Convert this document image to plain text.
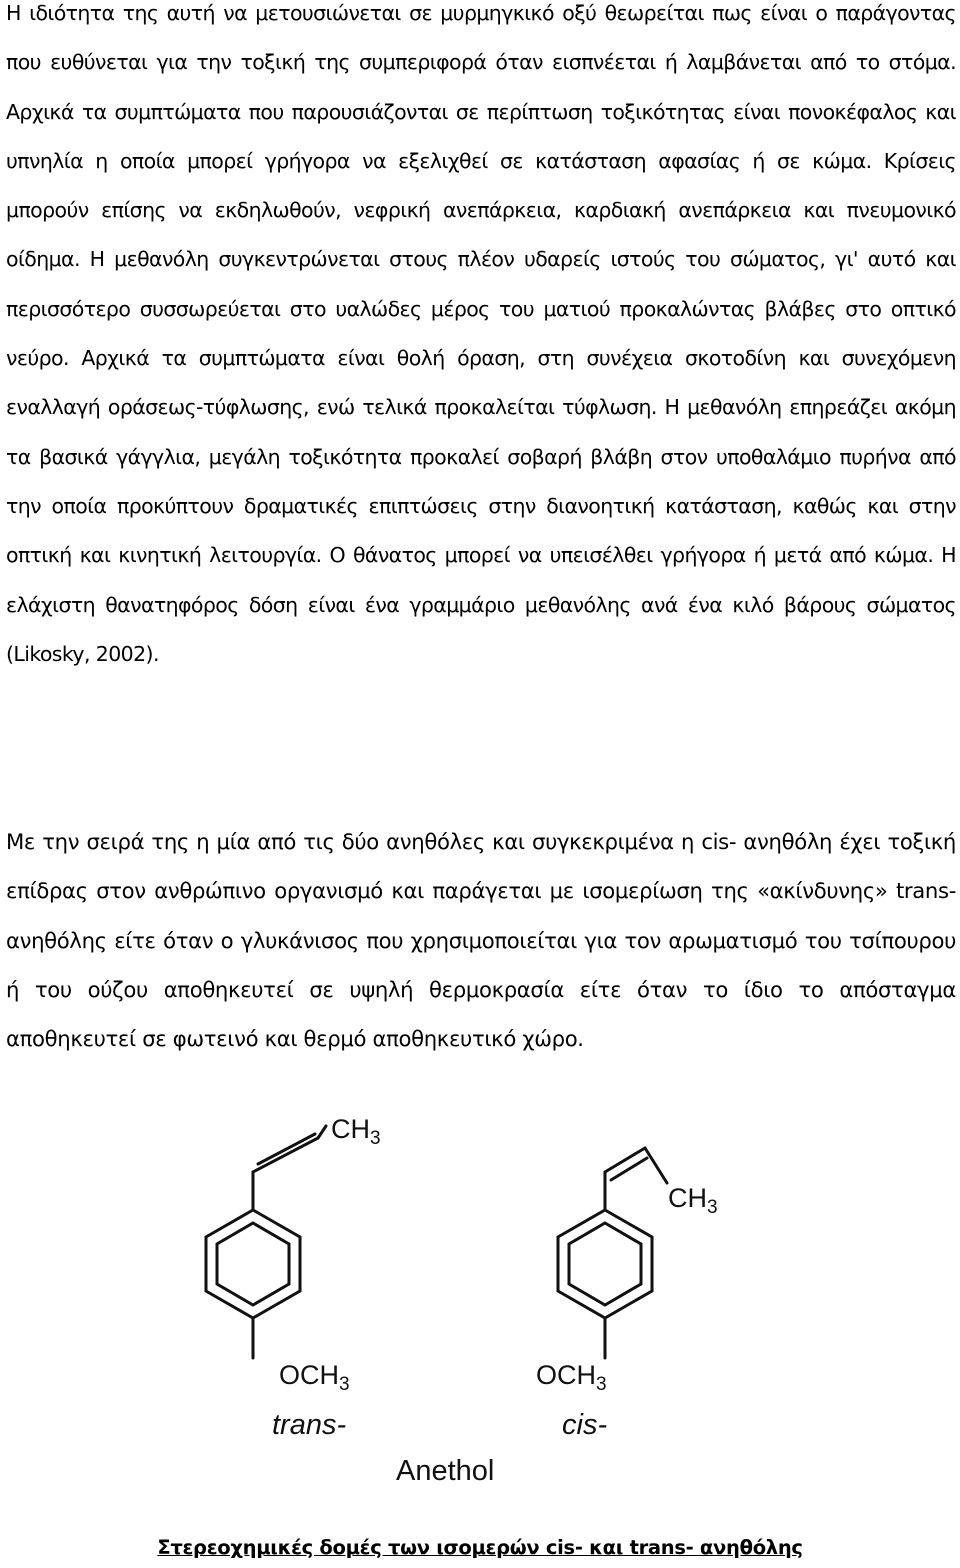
Η ιδιότητα της αυτή να μετουσιώνεται σε μυρμηγκικό οξύ θεωρείται πως είναι ο παράγοντας που ευθύνεται για την τοξική της συμπεριφορά όταν εισπνέεται ή λαμβάνεται από το στόμα. Αρχικά τα συμπτώματα που παρουσιάζονται σε περίπτωση τοξικότητας είναι πονοκέφαλος και υπνηλία η οποία μπορεί γρήγορα να εξελιχθεί σε κατάσταση αφασίας ή σε κώμα. Κρίσεις μπορούν επίσης να εκδηλωθούν, νεφρική ανεπάρκεια, καρδιακή ανεπάρκεια και πνευμονικό οίδημα. Η μεθανόλη συγκεντρώνεται στους πλέον υδαρείς ιστούς του σώματος, γι' αυτό και περισσότερο συσσωρεύεται στο υαλώδες μέρος του ματιού προκαλώντας βλάβες στο οπτικό νεύρο. Αρχικά τα συμπτώματα είναι θολή όραση, στη συνέχεια σκοτοδίνη και συνεχόμενη εναλλαγή οράσεως-τύφλωσης, ενώ τελικά προκαλείται τύφλωση. Η μεθανόλη επηρεάζει ακόμη τα βασικά γάγγλια, μεγάλη τοξικότητα προκαλεί σοβαρή βλάβη στον υποθαλάμιο πυρήνα από την οποία προκύπτουν δραματικές επιπτώσεις στην διανοητική κατάσταση, καθώς και στην οπτική και κινητική λειτουργία. Ο θάνατος μπορεί να υπεισέλθει γρήγορα ή μετά από κώμα. Η ελάχιστη θανατηφόρος δόση είναι ένα γραμμάριο μεθανόλης ανά ένα κιλό βάρους σώματος (Likosky, 2002).

Με την σειρά της η μία από τις δύο ανηθόλες και συγκεκριμένα η cis- ανηθόλη έχει τοξική επίδρας στον ανθρώπινο οργανισμό και παράγεται με ισομερίωση της «ακίνδυνης» trans-ανηθόλης είτε όταν ο γλυκάνισος που χρησιμοποιείται για τον αρωματισμό του τσίπουρου ή του ούζου αποθηκευτεί σε υψηλή θερμοκρασία είτε όταν το ίδιο το απόσταγμα αποθηκευτεί σε φωτεινό και θερμό αποθηκευτικό χώρο.

$CH_3$
$CH_3$
$OCH_3$	$OCH_3$
trans-	cis-
Anethol

Στερεοχημικές δομές των ισομερών cis- και trans- ανηθόλης
